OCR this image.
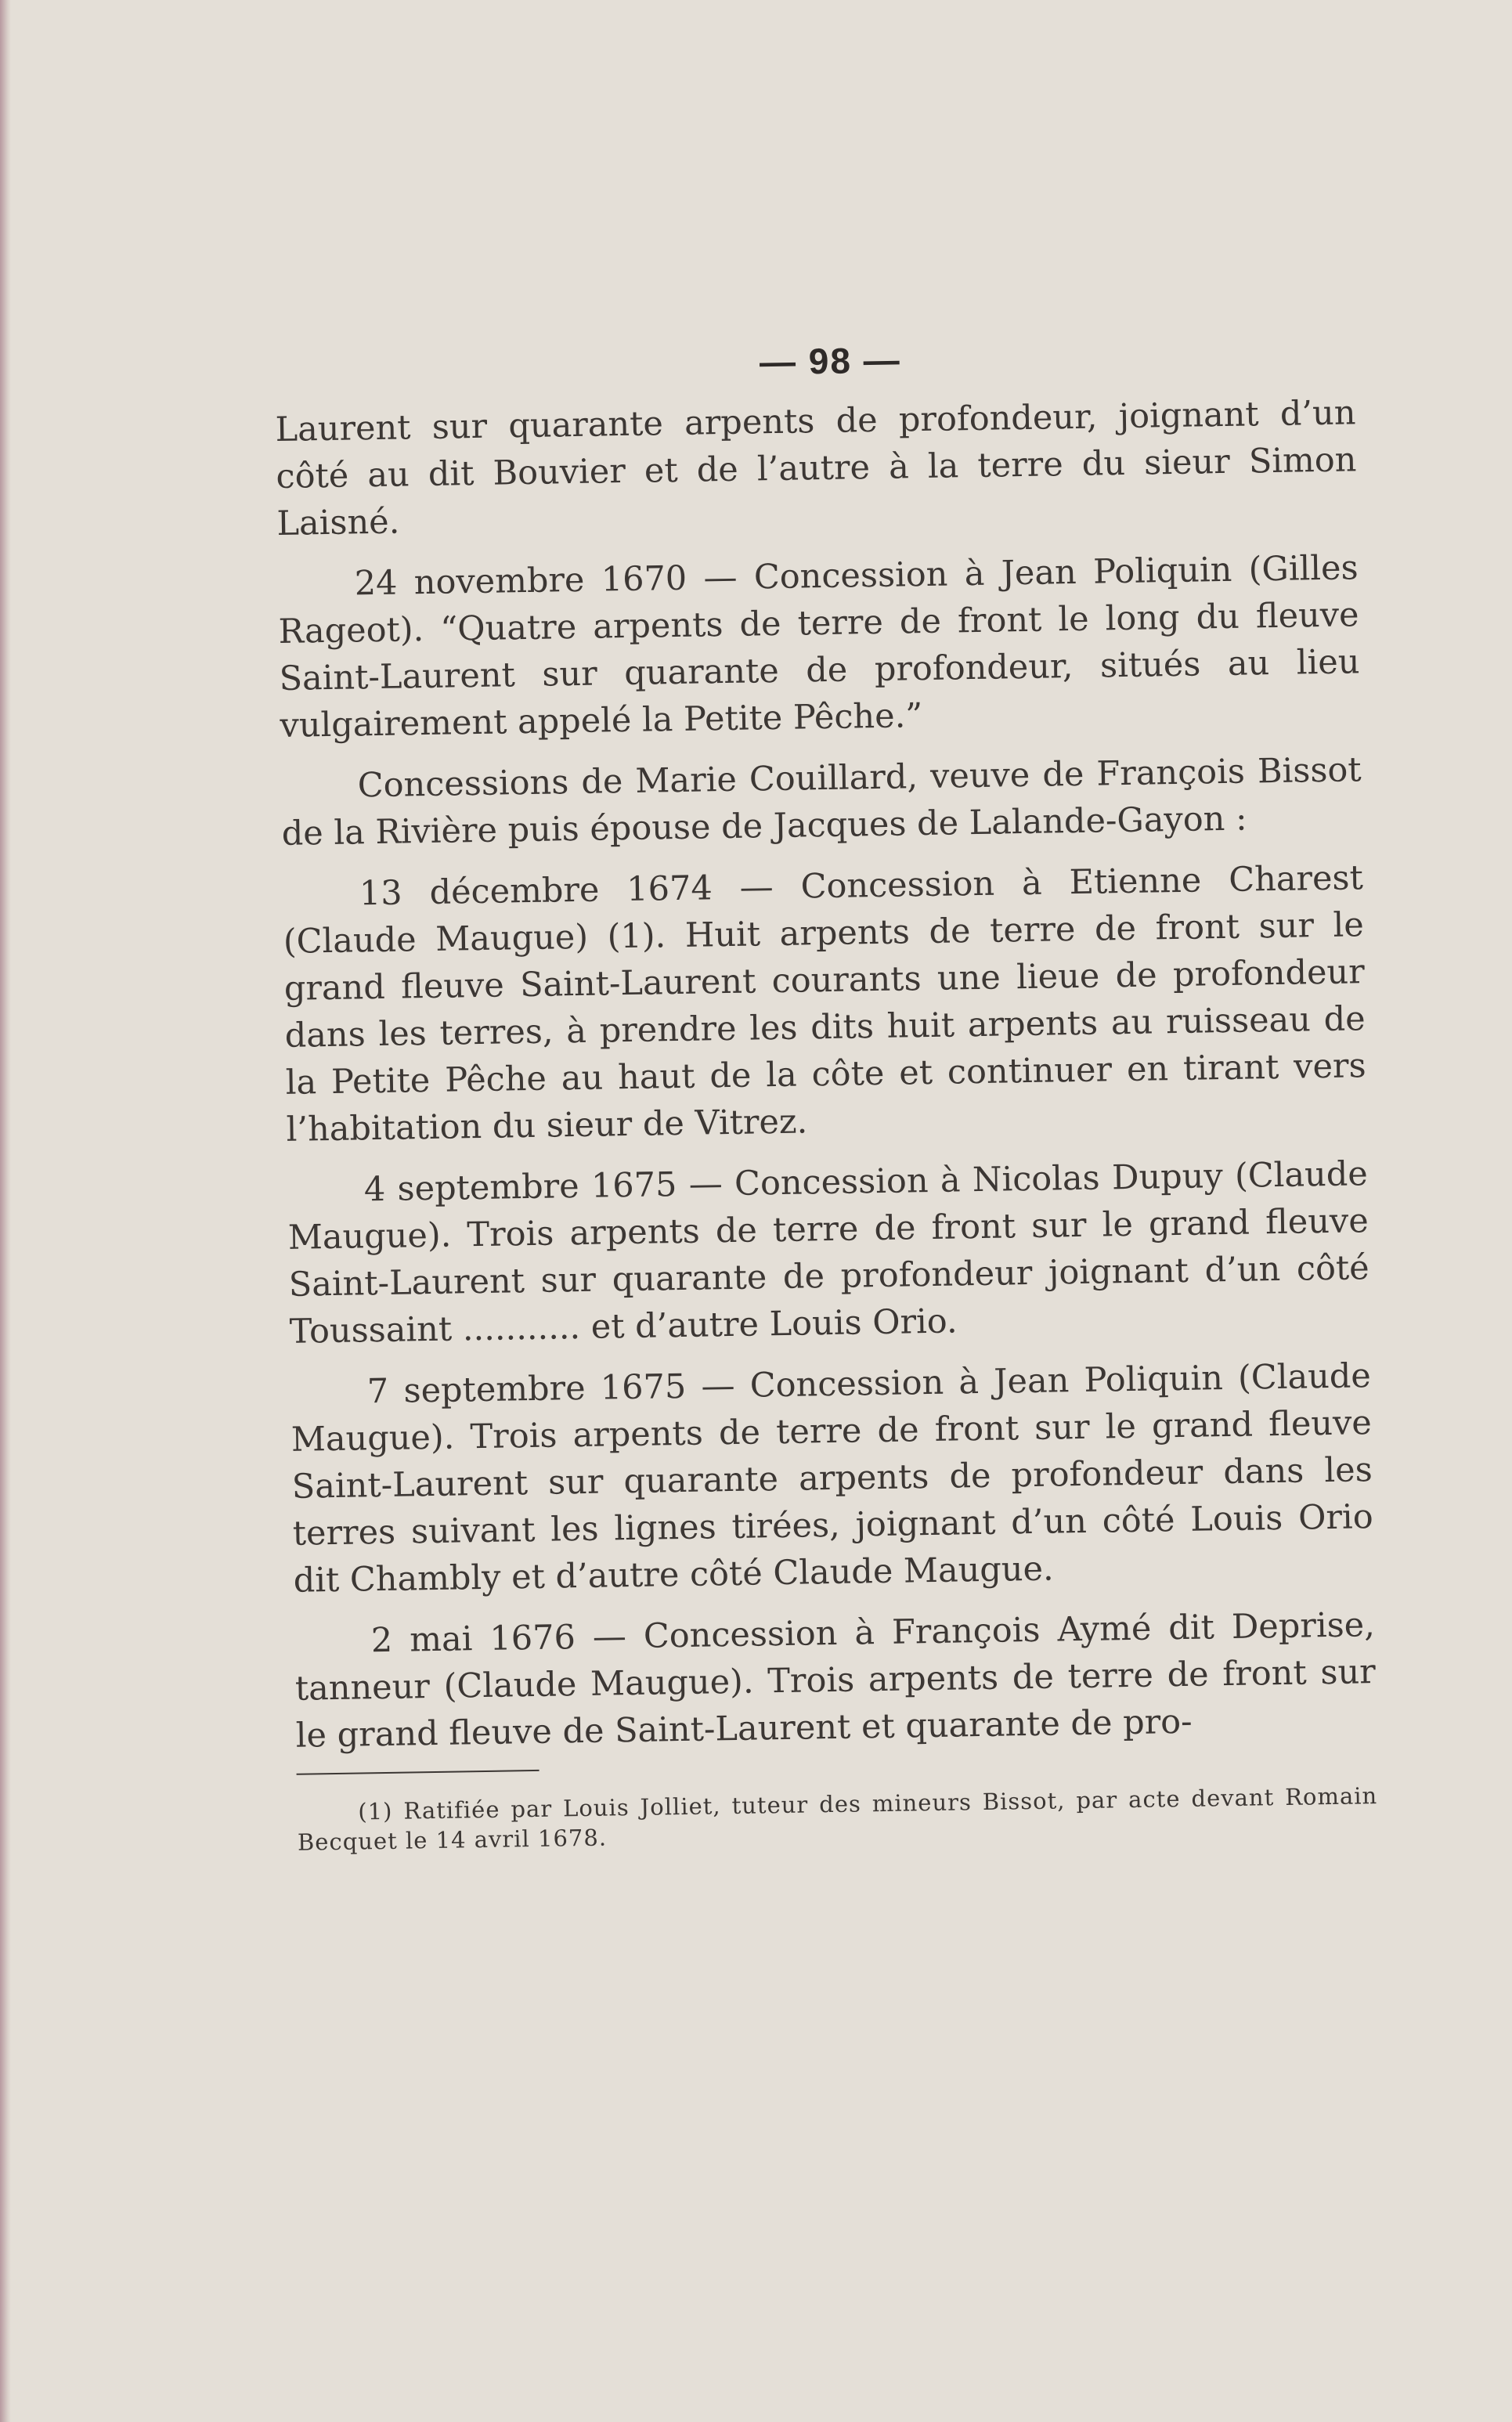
— 98 —

Laurent sur quarante arpents de profondeur, joignant d’un côté au dit Bouvier et de l’autre à la terre du sieur Simon Laisné.

24 novembre 1670 — Concession à Jean Poliquin (Gilles Rageot). “Quatre arpents de terre de front le long du fleuve Saint-Laurent sur quarante de profondeur, situés au lieu vulgairement appelé la Petite Pêche.”

Concessions de Marie Couillard, veuve de François Bissot de la Rivière puis épouse de Jacques de Lalande-Gayon :

13 décembre 1674 — Concession à Etienne Charest (Claude Maugue) (1). Huit arpents de terre de front sur le grand fleuve Saint-Laurent courants une lieue de profondeur dans les terres, à prendre les dits huit arpents au ruisseau de la Petite Pêche au haut de la côte et continuer en tirant vers l’habitation du sieur de Vitrez.

4 septembre 1675 — Concession à Nicolas Dupuy (Claude Maugue). Trois arpents de terre de front sur le grand fleuve Saint-Laurent sur quarante de profondeur joignant d’un côté Toussaint ........... et d’autre Louis Orio.

7 septembre 1675 — Concession à Jean Poliquin (Claude Maugue). Trois arpents de terre de front sur le grand fleuve Saint-Laurent sur quarante arpents de profondeur dans les terres suivant les lignes tirées, joignant d’un côté Louis Orio dit Chambly et d’autre côté Claude Maugue.

2 mai 1676 — Concession à François Aymé dit Deprise, tanneur (Claude Maugue). Trois arpents de terre de front sur le grand fleuve de Saint-Laurent et quarante de pro-

(1) Ratifiée par Louis Jolliet, tuteur des mineurs Bissot, par acte devant Romain Becquet le 14 avril 1678.
